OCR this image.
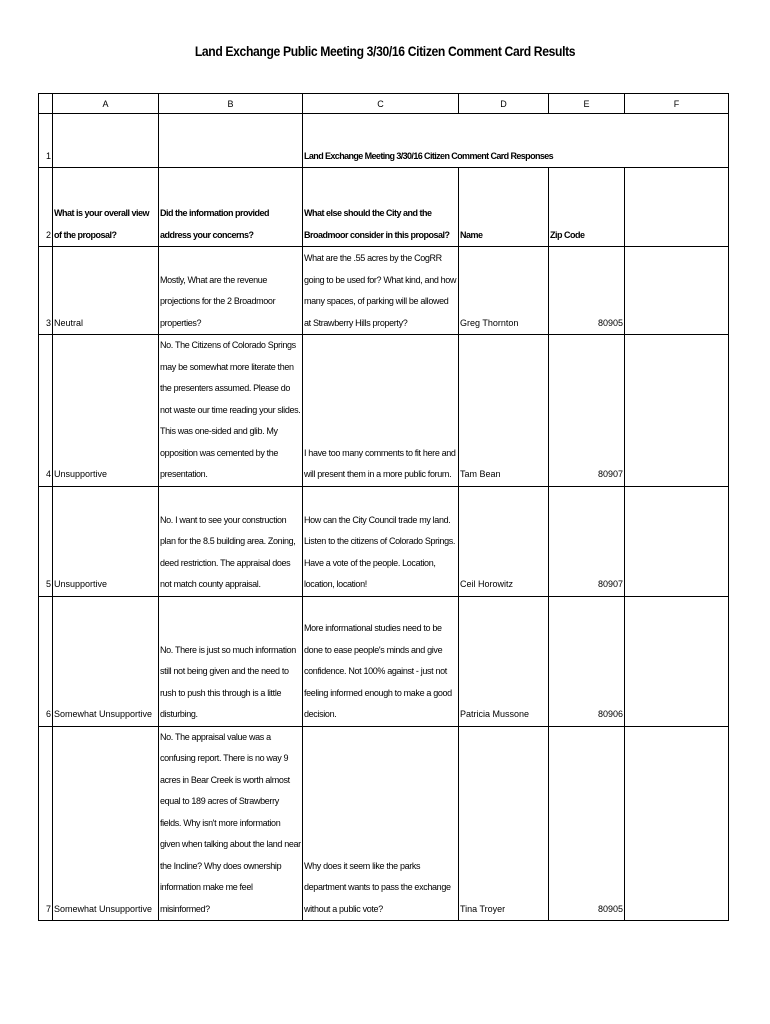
Land Exchange Public Meeting 3/30/16 Citizen Comment Card Results
	A	B	C	D	E	F
1			Land Exchange Meeting 3/30/16 Citizen Comment Card Responses			
2	What is your overall view of the proposal?	Did the information provided address your concerns?	What else should the City and the Broadmoor consider in this proposal?	Name	Zip Code	
3	Neutral	Mostly, What are the revenue projections for the 2 Broadmoor properties?	What are the .55 acres by the CogRR going to be used for? What kind, and how many spaces, of parking will be allowed at Strawberry Hills property?	Greg Thornton	80905	
4	Unsupportive	No. The Citizens of Colorado Springs may be somewhat more literate then the presenters assumed. Please do not waste our time reading your slides. This was one-sided and glib. My opposition was cemented by the presentation.	I have too many comments to fit here and will present them in a more public forum.	Tam Bean	80907	
5	Unsupportive	No. I want to see your construction plan for the 8.5 building area. Zoning, deed restriction. The appraisal does not match county appraisal.	How can the City Council trade my land. Listen to the citizens of Colorado Springs. Have a vote of the people. Location, location, location!	Ceil Horowitz	80907	
6	Somewhat Unsupportive	No. There is just so much information still not being given and the need to rush to push this through is a little disturbing.	More informational studies need to be done to ease people's minds and give confidence. Not 100% against - just not feeling informed enough to make a good decision.	Patricia Mussone	80906	
7	Somewhat Unsupportive	No. The appraisal value was a confusing report. There is no way 9 acres in Bear Creek is worth almost equal to 189 acres of Strawberry fields. Why isn't more information given when talking about the land near the Incline? Why does ownership information make me feel misinformed?	Why does it seem like the parks department wants to pass the exchange without a public vote?	Tina Troyer	80905	
